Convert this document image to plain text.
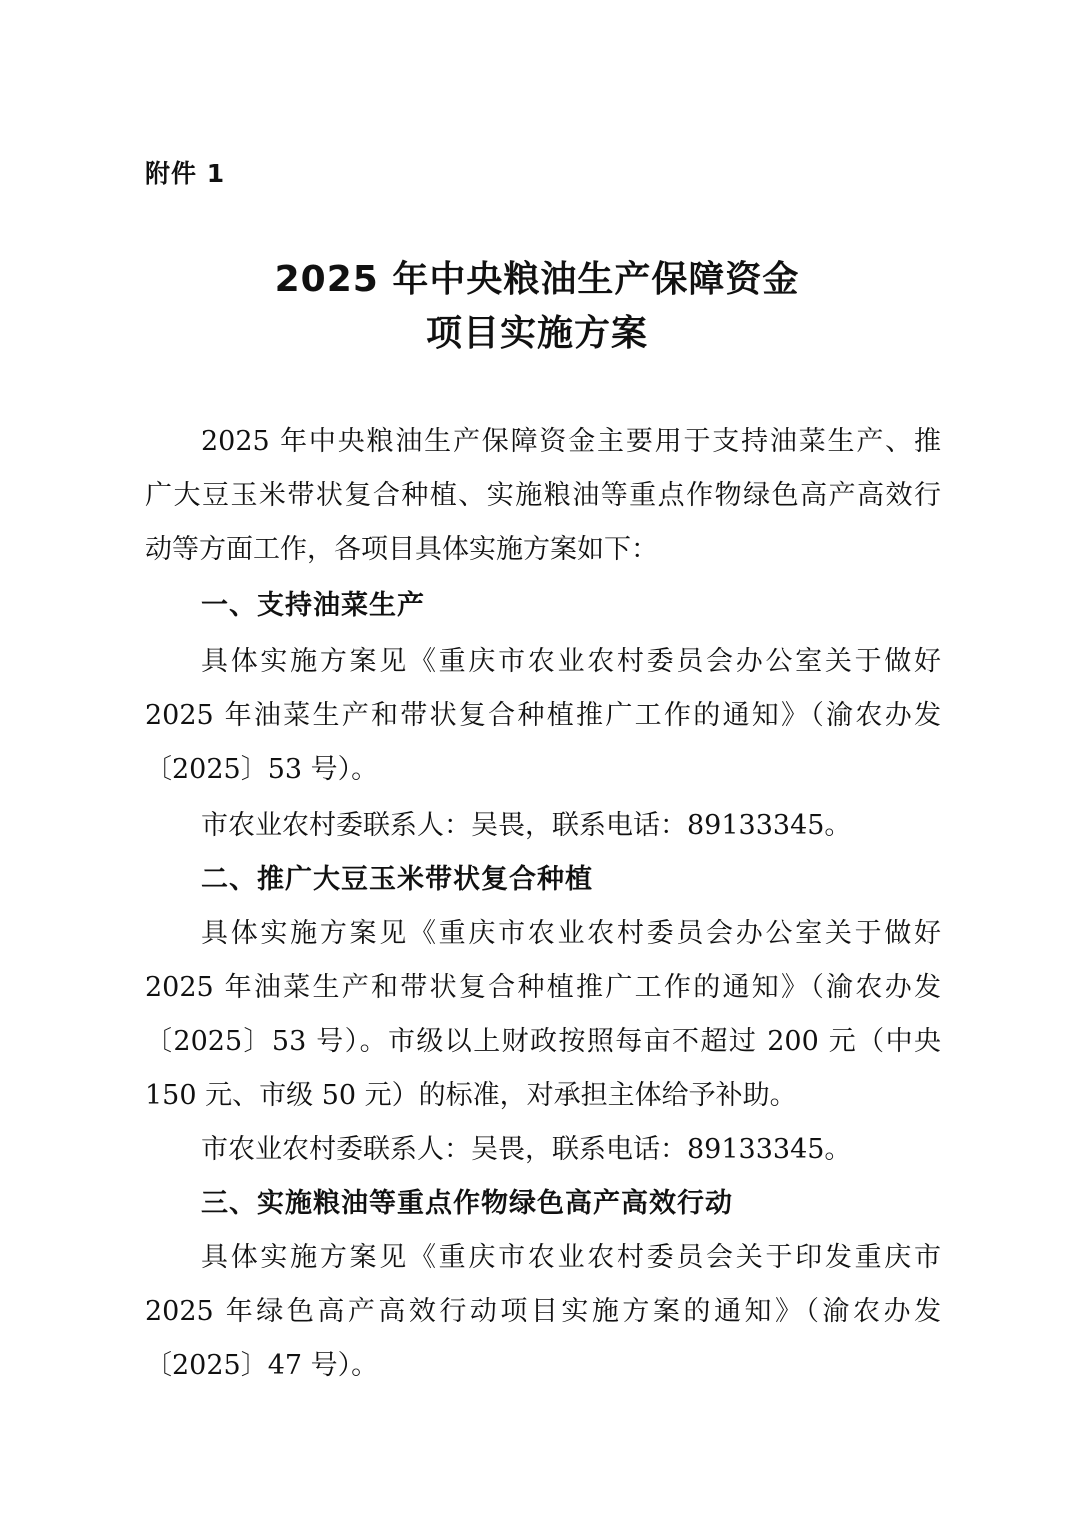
附件 1
2025 年中央粮油生产保障资金
项目实施方案
2025 年中央粮油生产保障资金主要用于支持油菜生产、推
广大豆玉米带状复合种植、实施粮油等重点作物绿色高产高效行
动等方面工作，各项目具体实施方案如下：
一、支持油菜生产
具体实施方案见《重庆市农业农村委员会办公室关于做好
2025 年油菜生产和带状复合种植推广工作的通知》（渝农办发
〔2025〕53 号）。
市农业农村委联系人：吴畏，联系电话：89133345。
二、推广大豆玉米带状复合种植
具体实施方案见《重庆市农业农村委员会办公室关于做好
2025 年油菜生产和带状复合种植推广工作的通知》（渝农办发
〔2025〕53 号）。市级以上财政按照每亩不超过 200 元（中央
150 元、市级 50 元）的标准，对承担主体给予补助。
市农业农村委联系人：吴畏，联系电话：89133345。
三、实施粮油等重点作物绿色高产高效行动
具体实施方案见《重庆市农业农村委员会关于印发重庆市
2025 年绿色高产高效行动项目实施方案的通知》（渝农办发
〔2025〕47 号）。
